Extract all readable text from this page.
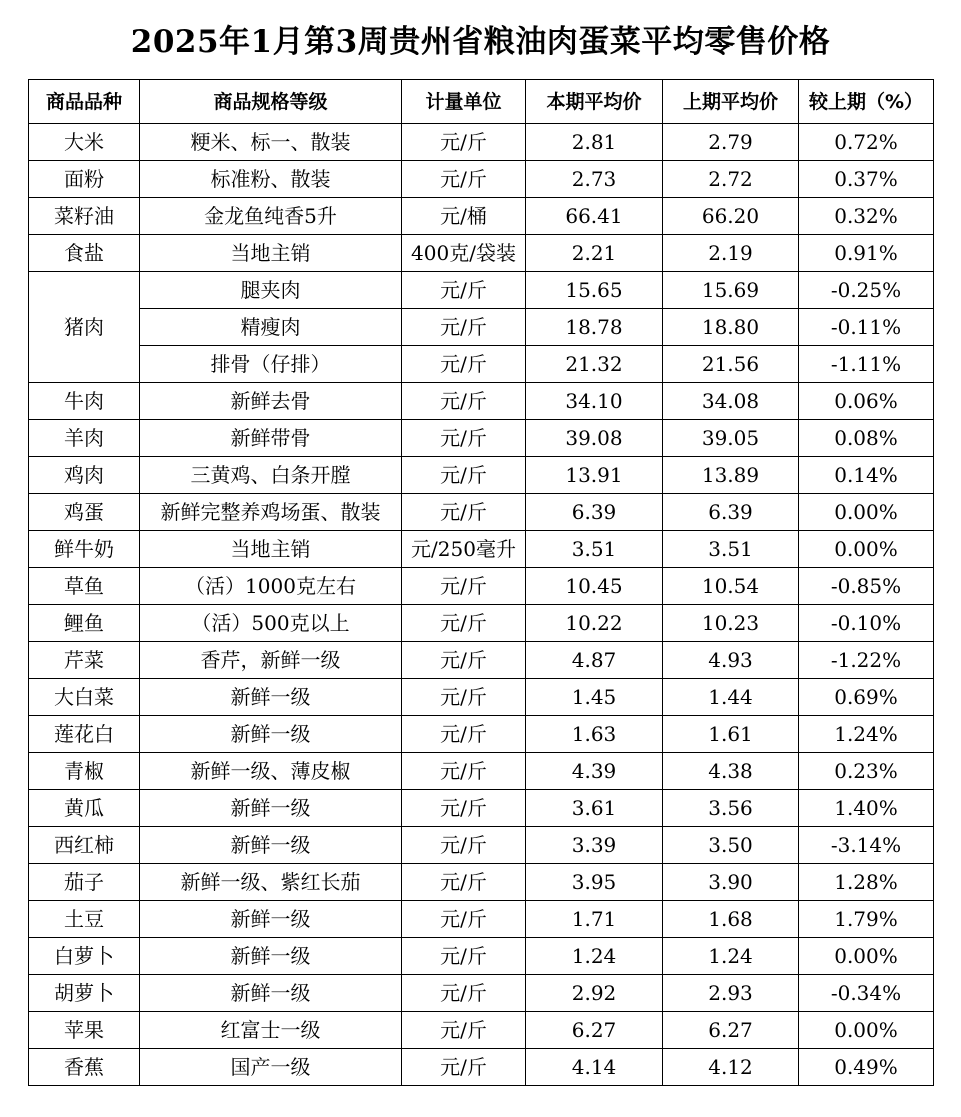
2025年1月第3周贵州省粮油肉蛋菜平均零售价格
商品品种	商品规格等级	计量单位	本期平均价	上期平均价	较上期（%）
大米	粳米、标一、散装	元/斤	2.81	2.79	0.72%
面粉	标准粉、散装	元/斤	2.73	2.72	0.37%
菜籽油	金龙鱼纯香5升	元/桶	66.41	66.20	0.32%
食盐	当地主销	400克/袋装	2.21	2.19	0.91%
猪肉	腿夹肉	元/斤	15.65	15.69	-0.25%
	精瘦肉	元/斤	18.78	18.80	-0.11%
	排骨（仔排）	元/斤	21.32	21.56	-1.11%
牛肉	新鲜去骨	元/斤	34.10	34.08	0.06%
羊肉	新鲜带骨	元/斤	39.08	39.05	0.08%
鸡肉	三黄鸡、白条开膛	元/斤	13.91	13.89	0.14%
鸡蛋	新鲜完整养鸡场蛋、散装	元/斤	6.39	6.39	0.00%
鲜牛奶	当地主销	元/250毫升	3.51	3.51	0.00%
草鱼	（活）1000克左右	元/斤	10.45	10.54	-0.85%
鲤鱼	（活）500克以上	元/斤	10.22	10.23	-0.10%
芹菜	香芹，新鲜一级	元/斤	4.87	4.93	-1.22%
大白菜	新鲜一级	元/斤	1.45	1.44	0.69%
莲花白	新鲜一级	元/斤	1.63	1.61	1.24%
青椒	新鲜一级、薄皮椒	元/斤	4.39	4.38	0.23%
黄瓜	新鲜一级	元/斤	3.61	3.56	1.40%
西红柿	新鲜一级	元/斤	3.39	3.50	-3.14%
茄子	新鲜一级、紫红长茄	元/斤	3.95	3.90	1.28%
土豆	新鲜一级	元/斤	1.71	1.68	1.79%
白萝卜	新鲜一级	元/斤	1.24	1.24	0.00%
胡萝卜	新鲜一级	元/斤	2.92	2.93	-0.34%
苹果	红富士一级	元/斤	6.27	6.27	0.00%
香蕉	国产一级	元/斤	4.14	4.12	0.49%
